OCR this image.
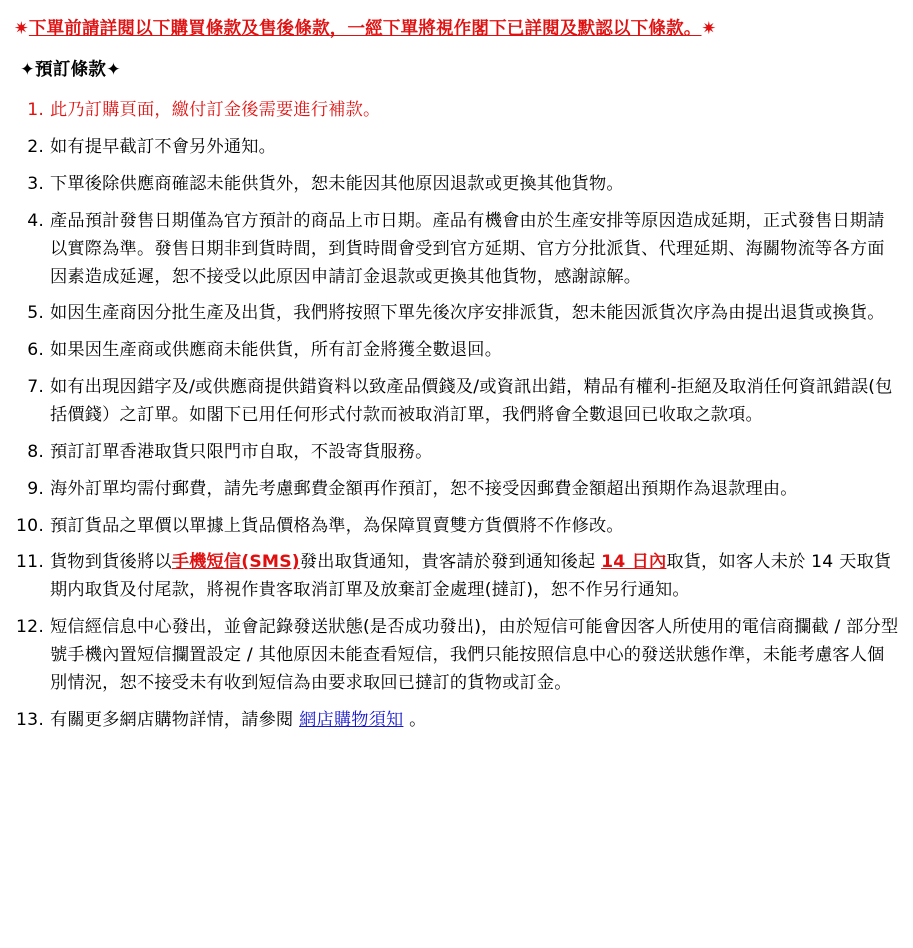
✷下單前請詳閱以下購買條款及售後條款，一經下單將視作閣下已詳閱及默認以下條款。✷
✦預訂條款✦
此乃訂購頁面，繳付訂金後需要進行補款。
如有提早截訂不會另外通知。
下單後除供應商確認未能供貨外，恕未能因其他原因退款或更換其他貨物。
產品預計發售日期僅為官方預計的商品上市日期。產品有機會由於生產安排等原因造成延期，正式發售日期請以實際為準。發售日期非到貨時間，到貨時間會受到官方延期、官方分批派貨、代理延期、海關物流等各方面因素造成延遲，恕不接受以此原因申請訂金退款或更換其他貨物，感謝諒解。
如因生產商因分批生產及出貨，我們將按照下單先後次序安排派貨，恕未能因派貨次序為由提出退貨或換貨。
如果因生產商或供應商未能供貨，所有訂金將獲全數退回。
如有出現因錯字及/或供應商提供錯資料以致產品價錢及/或資訊出錯，精品有權利-拒絕及取消任何資訊錯誤(包括價錢）之訂單。如閣下已用任何形式付款而被取消訂單，我們將會全數退回已收取之款項。
預訂訂單香港取貨只限門市自取，不設寄貨服務。
海外訂單均需付郵費，請先考慮郵費金額再作預訂，恕不接受因郵費金額超出預期作為退款理由。
預訂貨品之單價以單據上貨品價格為準，為保障買賣雙方貨價將不作修改。
貨物到貨後將以手機短信(SMS)發出取貨通知，貴客請於發到通知後起 14 日內取貨，如客人未於 14 天取貨期内取貨及付尾款，將視作貴客取消訂單及放棄訂金處理(撻訂)，恕不作另行通知。
短信經信息中心發出，並會記錄發送狀態(是否成功發出)，由於短信可能會因客人所使用的電信商攔截 / 部分型號手機內置短信攔置設定 / 其他原因未能查看短信，我們只能按照信息中心的發送狀態作準，未能考慮客人個別情況，恕不接受未有收到短信為由要求取回已撻訂的貨物或訂金。
有關更多網店購物詳情，請參閱 網店購物須知 。
